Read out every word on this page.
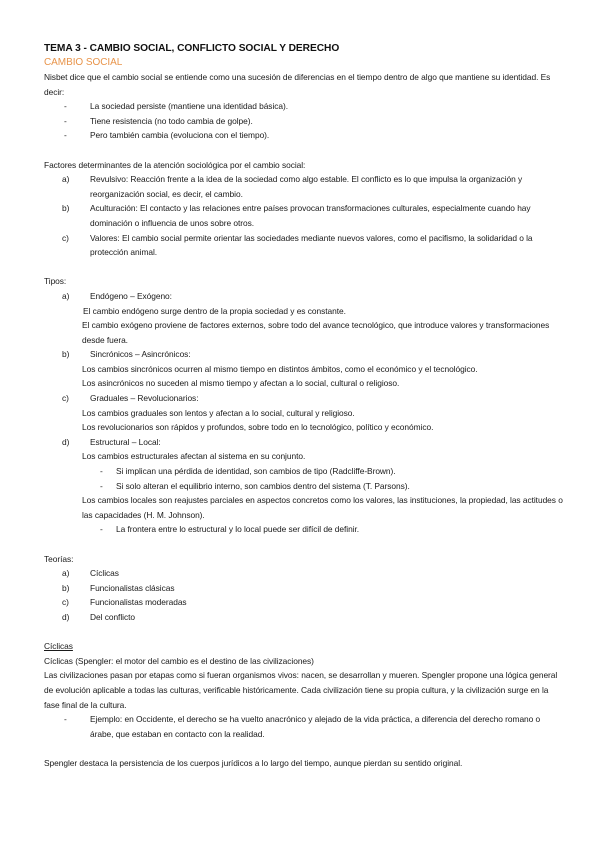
TEMA 3 - CAMBIO SOCIAL, CONFLICTO SOCIAL Y DERECHO

CAMBIO SOCIAL

Nisbet dice que el cambio social se entiende como una sucesión de diferencias en el tiempo dentro de algo que mantiene su identidad. Es decir:

-	La sociedad persiste (mantiene una identidad básica).
-	Tiene resistencia (no todo cambia de golpe).
-	Pero también cambia (evoluciona con el tiempo).

Factores determinantes de la atención sociológica por el cambio social:

a) Revulsivo: Reacción frente a la idea de la sociedad como algo estable. El conflicto es lo que impulsa la organización y reorganización social, es decir, el cambio.
b) Aculturación: El contacto y las relaciones entre países provocan transformaciones culturales, especialmente cuando hay dominación o influencia de unos sobre otros.
c)	Valores: El cambio social permite orientar las sociedades mediante nuevos valores, como el pacifismo, la solidaridad o la protección animal.

Tipos:

a) Endógeno – Exógeno:

El cambio endógeno surge dentro de la propia sociedad y es constante.

El cambio exógeno proviene de factores externos, sobre todo del avance tecnológico, que introduce valores y transformaciones desde fuera.

b) Sincrónicos – Asincrónicos:

Los cambios sincrónicos ocurren al mismo tiempo en distintos ámbitos, como el económico y el tecnológico.

Los asincrónicos no suceden al mismo tiempo y afectan a lo social, cultural o religioso.

c)	Graduales – Revolucionarios:

Los cambios graduales son lentos y afectan a lo social, cultural y religioso.

Los revolucionarios son rápidos y profundos, sobre todo en lo tecnológico, político y económico.

d) Estructural – Local:

Los cambios estructurales afectan al sistema en su conjunto.

- Si implican una pérdida de identidad, son cambios de tipo (Radcliffe-Brown).
- Si solo alteran el equilibrio interno, son cambios dentro del sistema (T. Parsons).

Los cambios locales son reajustes parciales en aspectos concretos como los valores, las instituciones, la propiedad, las actitudes o las capacidades (H. M. Johnson).

- La frontera entre lo estructural y lo local puede ser difícil de definir.

Teorías:

a) Cíclicas
b) Funcionalistas clásicas
c)	Funcionalistas moderadas
d) Del conflicto

Cíclicas

Cíclicas (Spengler: el motor del cambio es el destino de las civilizaciones)

Las civilizaciones pasan por etapas como si fueran organismos vivos: nacen, se desarrollan y mueren. Spengler propone una lógica general de evolución aplicable a todas las culturas, verificable históricamente. Cada civilización tiene su propia cultura, y la civilización surge en la fase final de la cultura.

-	Ejemplo: en Occidente, el derecho se ha vuelto anacrónico y alejado de la vida práctica, a diferencia del derecho romano o árabe, que estaban en contacto con la realidad.

Spengler destaca la persistencia de los cuerpos jurídicos a lo largo del tiempo, aunque pierdan su sentido original.
